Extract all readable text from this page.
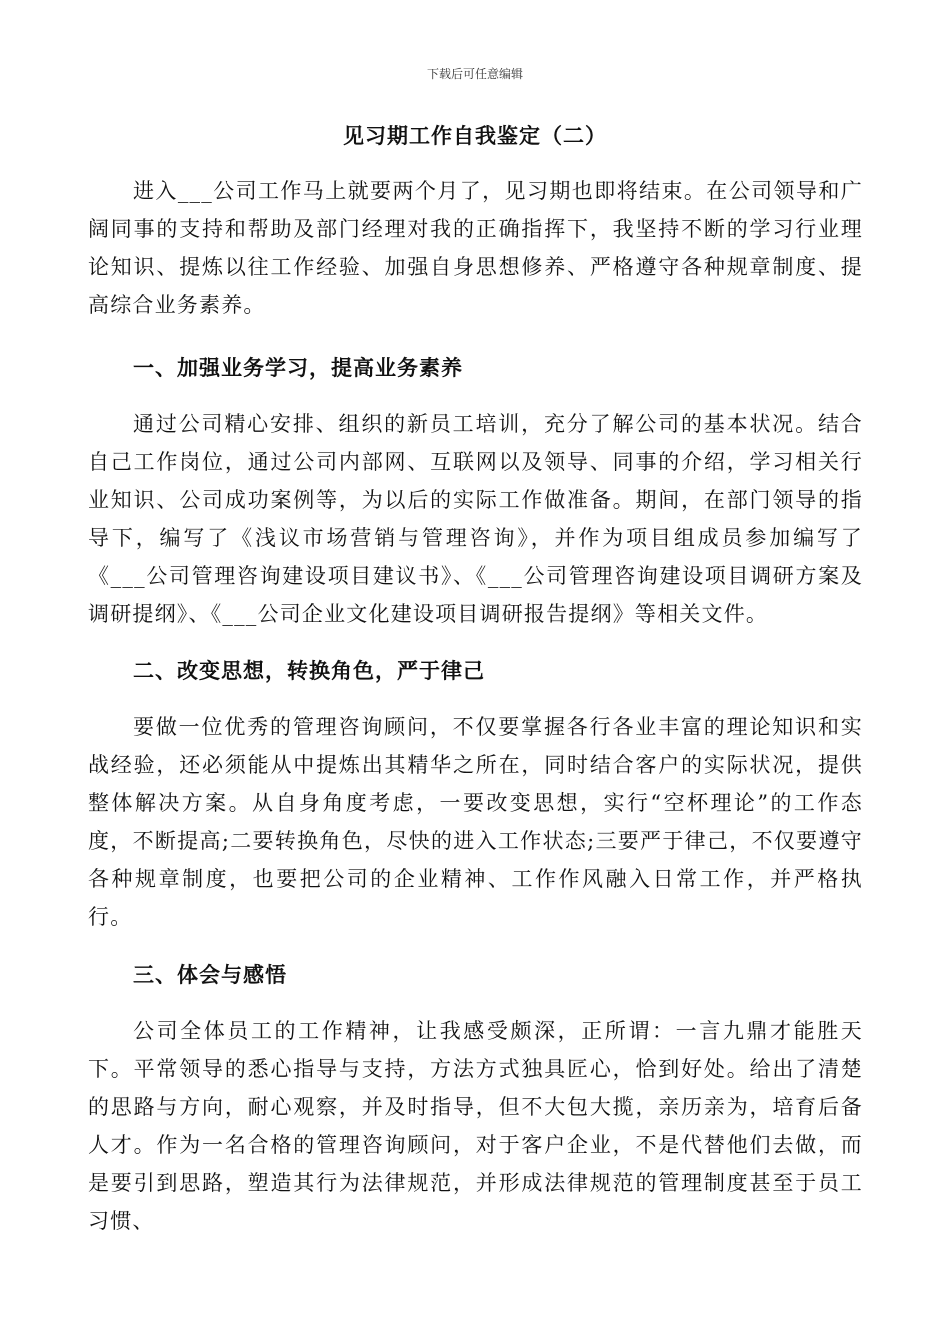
下载后可任意编辑
见习期工作自我鉴定（二）

进入___公司工作马上就要两个月了，见习期也即将结束。在公司领导和广阔同事的支持和帮助及部门经理对我的正确指挥下，我坚持不断的学习行业理论知识、提炼以往工作经验、加强自身思想修养、严格遵守各种规章制度、提高综合业务素养。

一、加强业务学习，提高业务素养

通过公司精心安排、组织的新员工培训，充分了解公司的基本状况。结合自己工作岗位，通过公司内部网、互联网以及领导、同事的介绍，学习相关行业知识、公司成功案例等，为以后的实际工作做准备。期间，在部门领导的指导下，编写了《浅议市场营销与管理咨询》，并作为项目组成员参加编写了《___公司管理咨询建设项目建议书》、《___公司管理咨询建设项目调研方案及调研提纲》、《___公司企业文化建设项目调研报告提纲》等相关文件。

二、改变思想，转换角色，严于律己

要做一位优秀的管理咨询顾问，不仅要掌握各行各业丰富的理论知识和实战经验，还必须能从中提炼出其精华之所在，同时结合客户的实际状况，提供整体解决方案。从自身角度考虑，一要改变思想，实行“空杯理论”的工作态度，不断提高;二要转换角色，尽快的进入工作状态;三要严于律己，不仅要遵守各种规章制度，也要把公司的企业精神、工作作风融入日常工作，并严格执行。

三、体会与感悟

公司全体员工的工作精神，让我感受颇深，正所谓：一言九鼎才能胜天下。平常领导的悉心指导与支持，方法方式独具匠心，恰到好处。给出了清楚的思路与方向，耐心观察，并及时指导，但不大包大揽，亲历亲为，培育后备人才。作为一名合格的管理咨询顾问，对于客户企业，不是代替他们去做，而是要引到思路，塑造其行为法律规范，并形成法律规范的管理制度甚至于员工习惯、
